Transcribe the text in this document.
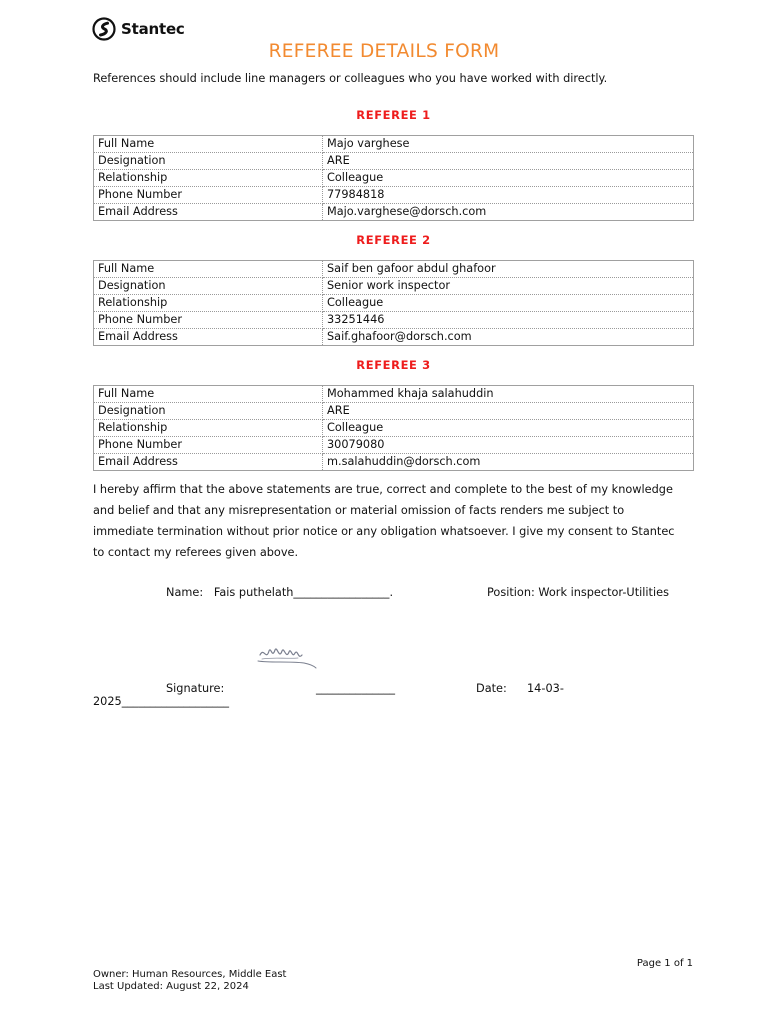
Stantec
REFEREE DETAILS FORM
References should include line managers or colleagues who you have worked with directly.
REFEREE 1
Full Name	Majo varghese
Designation	ARE
Relationship	Colleague
Phone Number	77984818
Email Address	Majo.varghese@dorsch.com
REFEREE 2
Full Name	Saif ben gafoor abdul ghafoor
Designation	Senior work inspector
Relationship	Colleague
Phone Number	33251446
Email Address	Saif.ghafoor@dorsch.com
REFEREE 3
Full Name	Mohammed khaja salahuddin
Designation	ARE
Relationship	Colleague
Phone Number	30079080
Email Address	m.salahuddin@dorsch.com

I hereby affirm that the above statements are true, correct and complete to the best of my knowledge

and belief and that any misrepresentation or material omission of facts renders me subject to

immediate termination without prior notice or any obligation whatsoever. I give my consent to Stantec

to contact my referees given above.

Name:   Fais puthelath_________________.	Position: Work inspector-Utilities
Signature:	______________	Date: 14-03-
2025___________________
Page 1 of 1
Owner: Human Resources, Middle East
Last Updated: August 22, 2024
